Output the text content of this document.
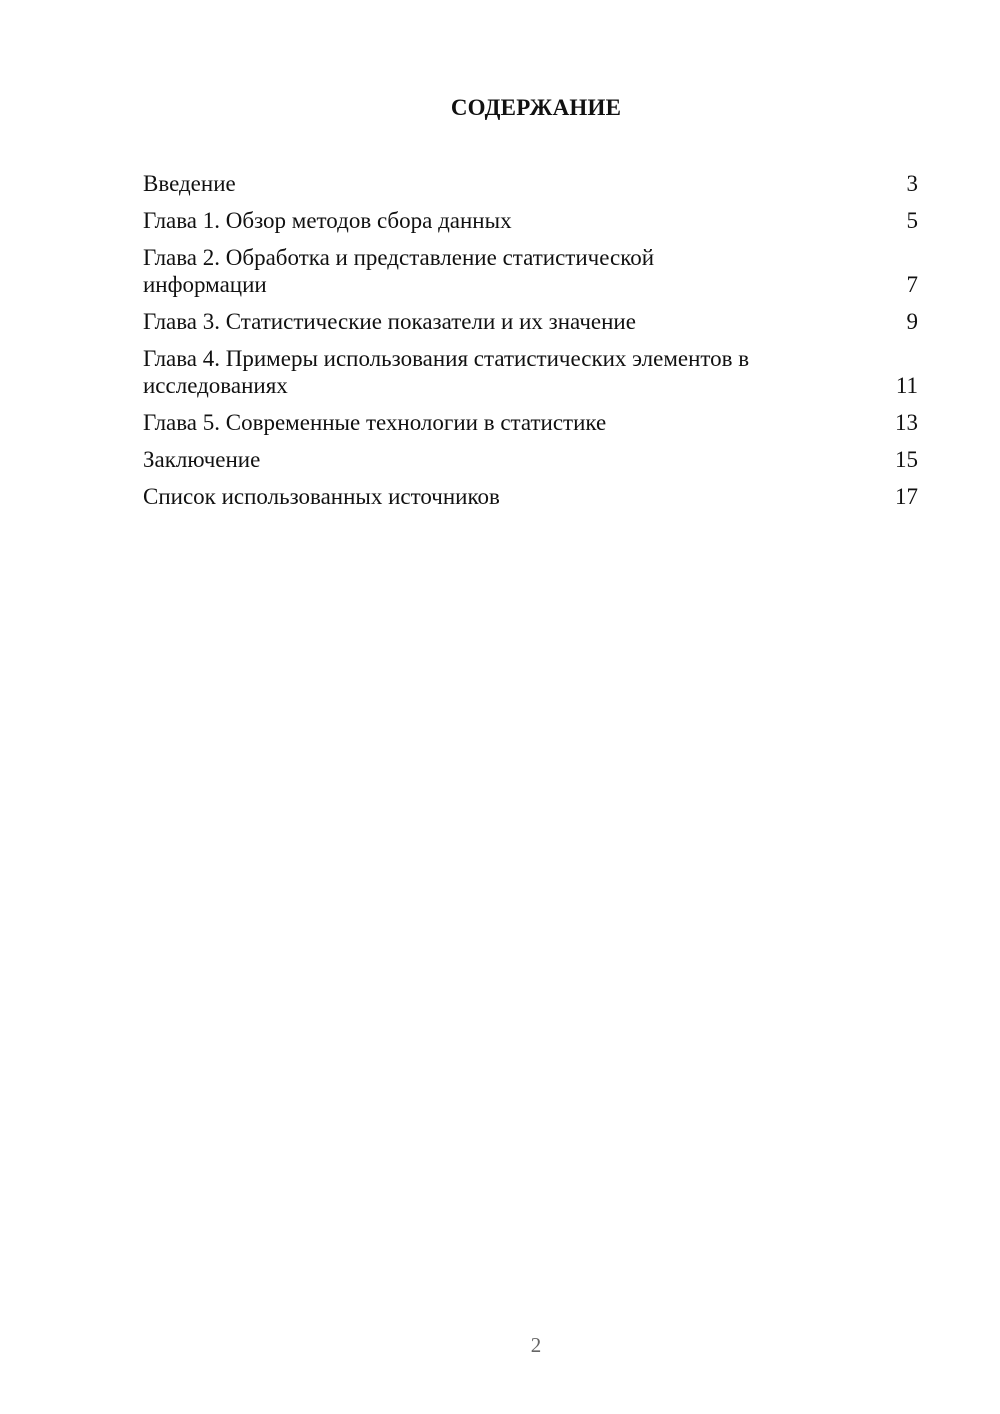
СОДЕРЖАНИЕ
Введение	3
Глава 1. Обзор методов сбора данных	5
Глава 2. Обработка и представление статистической информации	7
Глава 3. Статистические показатели и их значение	9
Глава 4. Примеры использования статистических элементов в исследованиях	11
Глава 5. Современные технологии в статистике	13
Заключение	15
Список использованных источников	17
2
